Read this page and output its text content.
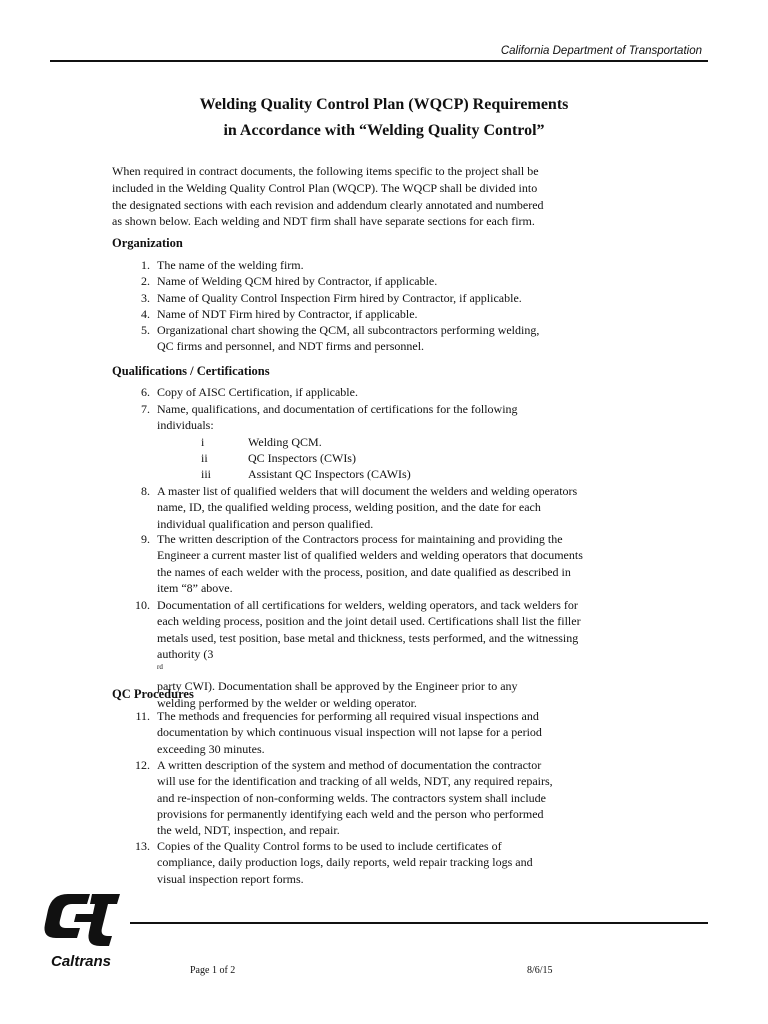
California Department of Transportation
Welding Quality Control Plan (WQCP) Requirements
in Accordance with “Welding Quality Control”
When required in contract documents, the following items specific to the project shall be
included in the Welding Quality Control Plan (WQCP). The WQCP shall be divided into
the designated sections with each revision and addendum clearly annotated and numbered
as shown below. Each welding and NDT firm shall have separate sections for each firm.
Organization
1. The name of the welding firm.
2. Name of Welding QCM hired by Contractor, if applicable.
3. Name of Quality Control Inspection Firm hired by Contractor, if applicable.
4. Name of NDT Firm hired by Contractor, if applicable.
5. Organizational chart showing the QCM, all subcontractors performing welding,
QC firms and personnel, and NDT firms and personnel.
Qualifications / Certifications
6. Copy of AISC Certification, if applicable.
7. Name, qualifications, and documentation of certifications for the following
individuals:
i	Welding QCM.
ii	QC Inspectors (CWIs)
iii	Assistant QC Inspectors (CAWIs)
8. A master list of qualified welders that will document the welders and welding operators
name, ID, the qualified welding process, welding position, and the date for each
individual qualification and person qualified.
9. The written description of the Contractors process for maintaining and providing the
Engineer a current master list of qualified welders and welding operators that documents
the names of each welder with the process, position, and date qualified as described in
item “8” above.
10. Documentation of all certifications for welders, welding operators, and tack welders for
each welding process, position and the joint detail used. Certifications shall list the filler
metals used, test position, base metal and thickness, tests performed, and the witnessing
authority (3
$^{rd}$
party CWI). Documentation shall be approved by the Engineer prior to any
welding performed by the welder or welding operator.
QC Procedures
11. The methods and frequencies for performing all required visual inspections and
documentation by which continuous visual inspection will not lapse for a period
exceeding 30 minutes.
12. A written description of the system and method of documentation the contractor
will use for the identification and tracking of all welds, NDT, any required repairs,
and re-inspection of non-conforming welds. The contractors system shall include
provisions for permanently identifying each weld and the person who performed
the weld, NDT, inspection, and repair.
13. Copies of the Quality Control forms to be used to include certificates of
compliance, daily production logs, daily reports, weld repair tracking logs and
visual inspection report forms.
Caltrans
Page 1 of 2	8/6/15
